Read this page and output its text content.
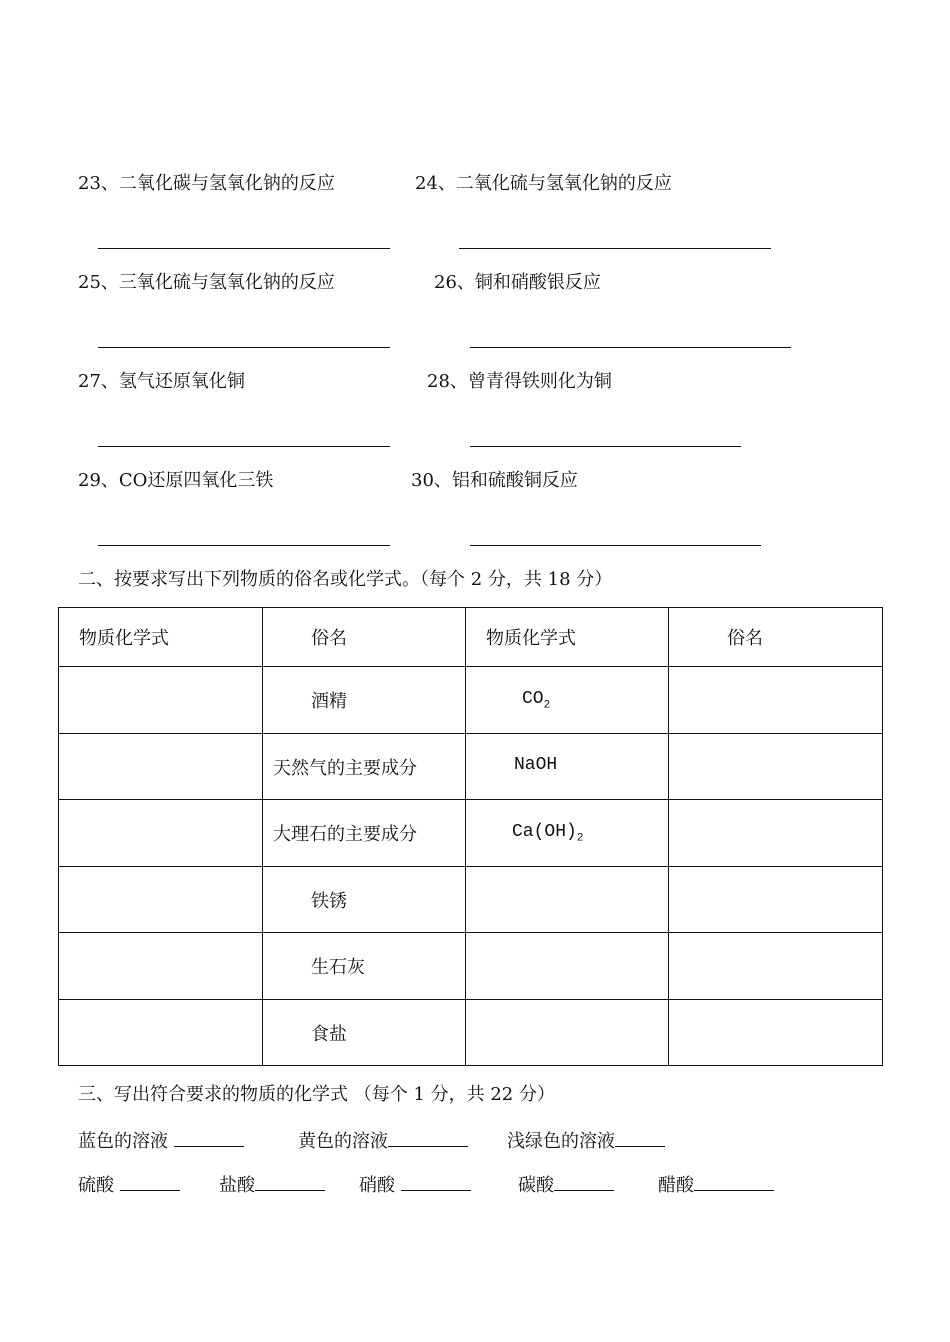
23、二氧化碳与氢氧化钠的反应	24、二氧化硫与氢氧化钠的反应
25、三氧化硫与氢氧化钠的反应	26、铜和硝酸银反应
27、氢气还原氧化铜	28、曾青得铁则化为铜
29、CO还原四氧化三铁	30、铝和硫酸铜反应
二、按要求写出下列物质的俗名或化学式。（每个 2 分，共 18 分）
物质化学式	俗名	物质化学式	俗名
	酒精	$CO_2$	
	天然气的主要成分	NaOH	
	大理石的主要成分	$Ca(OH)_2$	
	铁锈		
	生石灰		
	食盐		
三、写出符合要求的物质的化学式 （每个 1 分，共 22 分）
蓝色的溶液	黄色的溶液	浅绿色的溶液
硫酸	盐酸	硝酸	碳酸	醋酸
